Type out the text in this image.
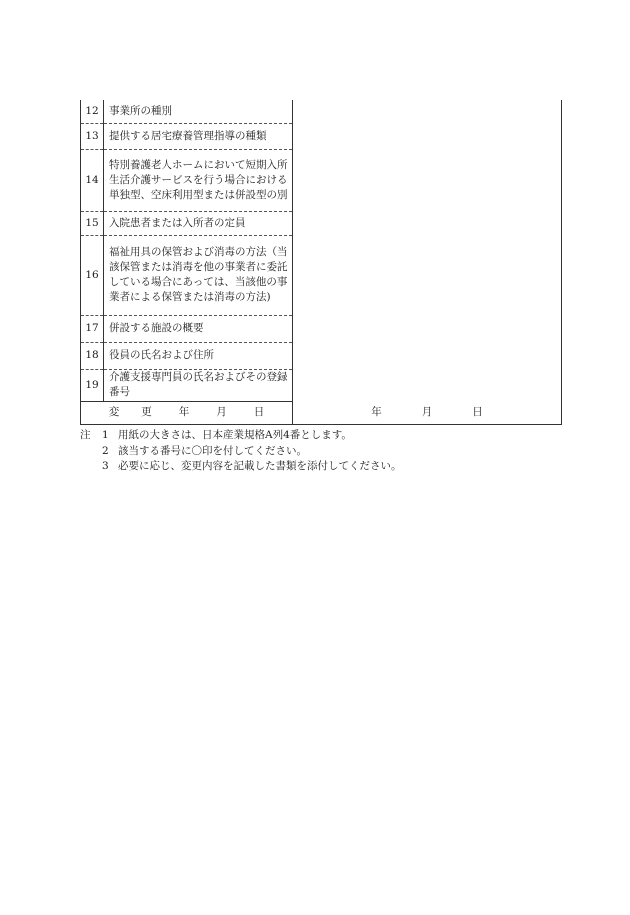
12	事業所の種別	
13	提供する居宅療養管理指導の種類	
14	特別養護老人ホームにおいて短期入所生活介護サービスを行う場合における単独型、空床利用型または併設型の別	
15	入院患者または入所者の定員	
16	福祉用具の保管および消毒の方法（当該保管または消毒を他の事業者に委託している場合にあっては、当該他の事業者による保管または消毒の方法)	
17	併設する施設の概要	
18	役員の氏名および住所	
19	介護支援専門員の氏名およびその登録番号	
変 更 年 月 日		年 月 日
注	1 用紙の大きさは、日本産業規格A列4番とします。
2 該当する番号に〇印を付してください。
3 必要に応じ、変更内容を記載した書類を添付してください。
